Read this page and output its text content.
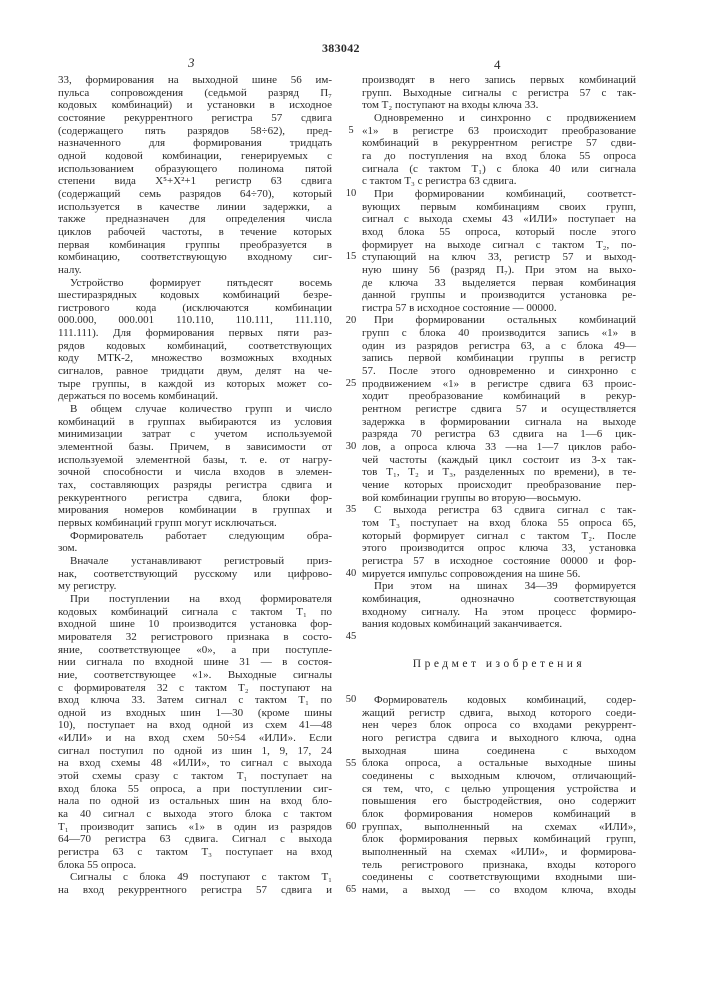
383042
3	4
33, формирования на выходной шине 56 им-
пульса сопровождения (седьмой разряд П₇
кодовых комбинаций) и установки в исходное
состояние рекуррентного регистра 57 сдвига
(содержащего пять разрядов 58÷62), пред-
назначенного для формирования тридцать
одной кодовой комбинации, генерируемых с
использованием образующего полинома пятой
степени вида X⁵+X²+1 регистр 63 сдвига
(содержащий семь разрядов 64÷70), который
используется в качестве линии задержки, а
также предназначен для определения числа
циклов рабочей частоты, в течение которых
первая комбинация группы преобразуется в
комбинацию, соответствующую входному сиг-
налу.
Устройство формирует пятьдесят восемь
шестиразрядных кодовых комбинаций безре-
гистрового кода (исключаются комбинации
000.000, 000.001 110.110, 110.111, 111.110,
111.111). Для формирования первых пяти раз-
рядов кодовых комбинаций, соответствующих
коду МТК-2, множество возможных входных
сигналов, равное тридцати двум, делят на че-
тыре группы, в каждой из которых может со-
держаться по восемь комбинаций.
В общем случае количество групп и число
комбинаций в группах выбираются из условия
минимизации затрат с учетом используемой
элементной базы. Причем, в зависимости от
используемой элементной базы, т. е. от нагру-
зочной способности и числа входов в элемен-
тах, составляющих разряды регистра сдвига и
реккурентного регистра сдвига, блоки фор-
мирования номеров комбинации в группах и
первых комбинаций групп могут исключаться.
Формирователь работает следующим обра-
зом.
Вначале устанавливают регистровый приз-
нак, соответствующий русскому или цифрово-
му регистру.
При поступлении на вход формирователя
кодовых комбинаций сигнала с тактом T₁ по
входной шине 10 производится установка фор-
мирователя 32 регистрового признака в состо-
яние, соответствующее «0», а при поступле-
нии сигнала по входной шине 31 — в состоя-
ние, соответствующее «1». Выходные сигналы
с формирователя 32 с тактом T₂ поступают на
вход ключа 33. Затем сигнал с тактом T₁ по
одной из входных шин 1—30 (кроме шины
10), поступает на вход одной из схем 41—48
«ИЛИ» и на вход схем 50÷54 «ИЛИ». Если
сигнал поступил по одной из шин 1, 9, 17, 24
на вход схемы 48 «ИЛИ», то сигнал с выхода
этой схемы сразу с тактом T₁ поступает на
вход блока 55 опроса, а при поступлении сиг-
нала по одной из остальных шин на вход бло-
ка 40 сигнал с выхода этого блока с тактом
T₁ производит запись «1» в один из разрядов
64—70 регистра 63 сдвига. Сигнал с выхода
регистра 63 с тактом T₃ поступает на вход
блока 55 опроса.
Сигналы с блока 49 поступают с тактом T₁
на вход рекуррентного регистра 57 сдвига и
производят в него запись первых комбинаций
групп. Выходные сигналы с регистра 57 с так-
том T₂ поступают на входы ключа 33.
Одновременно и синхронно с продвижением
«1» в регистре 63 происходит преобразование
комбинаций в рекуррентном регистре 57 сдви-
га до поступления на вход блока 55 опроса
сигнала (с тактом T₁) с блока 40 или сигнала
с тактом T₃ с регистра 63 сдвига.
При формировании комбинаций, соответст-
вующих первым комбинациям своих групп,
сигнал с выхода схемы 43 «ИЛИ» поступает на
вход блока 55 опроса, который после этого
формирует на выходе сигнал с тактом T₂, по-
ступающий на ключ 33, регистр 57 и выход-
ную шину 56 (разряд П₇). При этом на выхо-
де ключа 33 выделяется первая комбинация
данной группы и производится установка ре-
гистра 57 в исходное состояние — 00000.
При формировании остальных комбинаций
групп с блока 40 производится запись «1» в
один из разрядов регистра 63, а с блока 49—
запись первой комбинации группы в регистр
57. После этого одновременно и синхронно с
продвижением «1» в регистре сдвига 63 проис-
ходит преобразование комбинаций в рекур-
рентном регистре сдвига 57 и осуществляется
задержка в формировании сигнала на выходе
разряда 70 регистра 63 сдвига на 1—6 цик-
лов, а опроса ключа 33 —на 1—7 циклов рабо-
чей частоты (каждый цикл состоит из 3-х так-
тов T₁, T₂ и T₃, разделенных по времени), в те-
чение которых происходит преобразование пер-
вой комбинации группы во вторую—восьмую.
С выхода регистра 63 сдвига сигнал с так-
том T₃ поступает на вход блока 55 опроса 65,
который формирует сигнал с тактом T₂. После
этого производится опрос ключа 33, установка
регистра 57 в исходное состояние 00000 и фор-
мируется импульс сопровождения на шине 56.
При этом на шинах 34—39 формируется
комбинация, однозначно соответствующая
входному сигналу. На этом процесс формиро-
вания кодовых комбинаций заканчивается.
Предмет изобретения
Формирователь кодовых комбинаций, содер-
жащий регистр сдвига, выход которого соеди-
нен через блок опроса со входами рекуррент-
ного регистра сдвига и выходного ключа, одна
выходная шина соединена с выходом
блока опроса, а остальные выходные шины
соединены с выходным ключом, отличающий-
ся тем, что, с целью упрощения устройства и
повышения его быстродействия, оно содержит
блок формирования номеров комбинаций в
группах, выполненный на схемах «ИЛИ»,
блок формирования первых комбинаций групп,
выполненный на схемах «ИЛИ», и формирова-
тель регистрового признака, входы которого
соединены с соответствующими входными ши-
нами, а выход — со входом ключа, входы
5
10
15
20
25
30
35
40
45
50
55
60
65
